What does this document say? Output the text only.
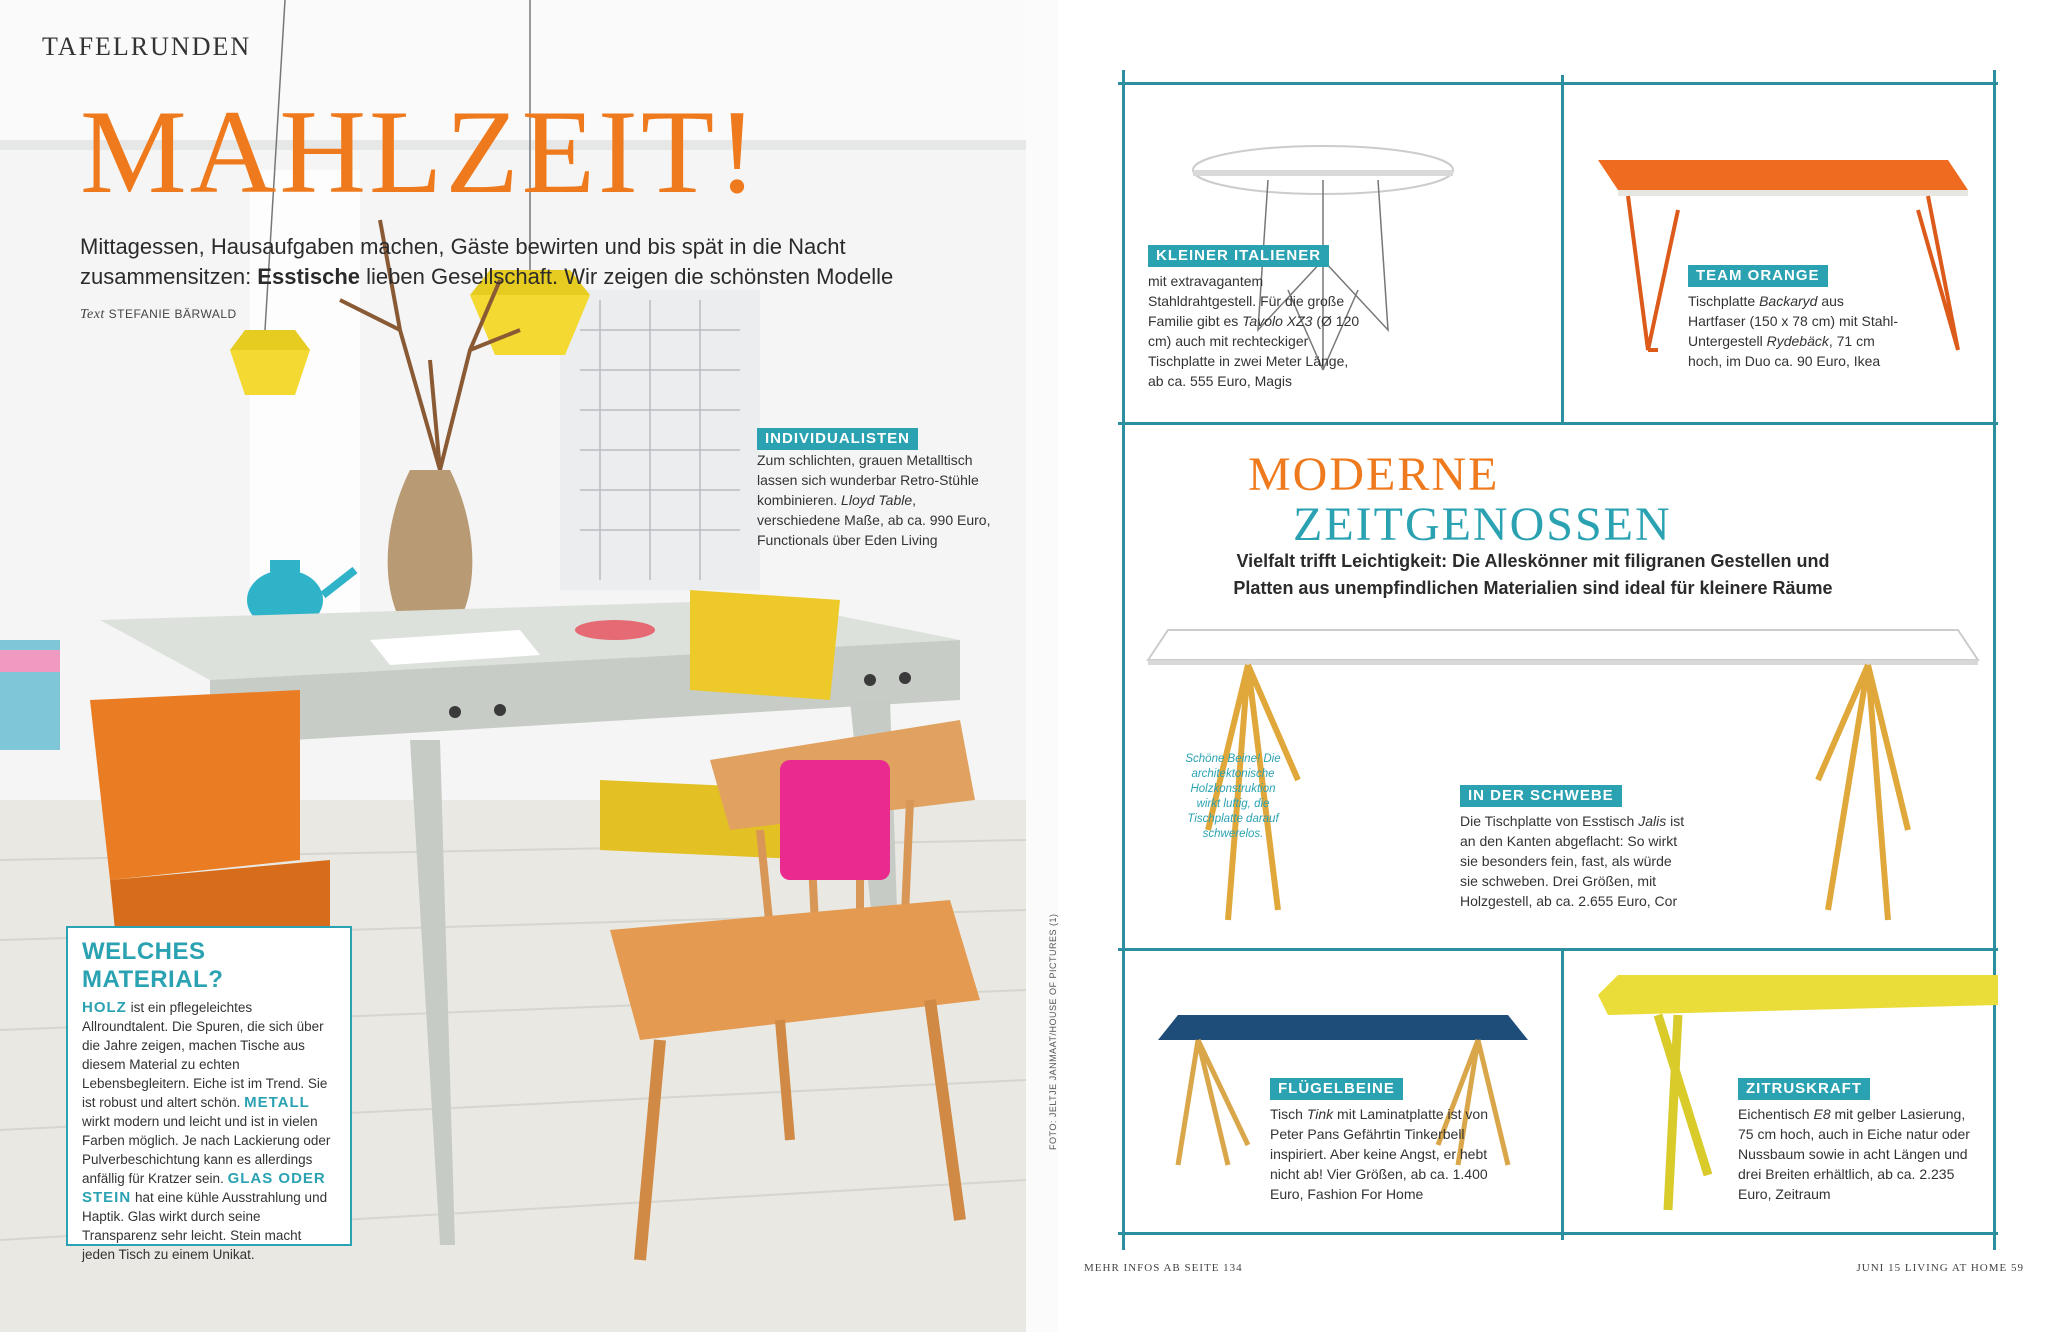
TAFELRUNDEN
MAHLZEIT!
Mittagessen, Hausaufgaben machen, Gäste bewirten und bis spät in die Nacht zusammensitzen: Esstische lieben Gesellschaft. Wir zeigen die schönsten Modelle
Text STEFANIE BÄRWALD
INDIVIDUALISTEN
Zum schlichten, grauen Metalltisch lassen sich wunderbar Retro-Stühle kombinieren. Lloyd Table, verschiedene Maße, ab ca. 990 Euro, Functionals über Eden Living
WELCHES MATERIAL?
HOLZ ist ein pflegeleichtes Allroundtalent. Die Spuren, die sich über die Jahre zeigen, machen Tische aus diesem Material zu echten Lebensbegleitern. Eiche ist im Trend. Sie ist robust und altert schön. METALL wirkt modern und leicht und ist in vielen Farben möglich. Je nach Lackierung oder Pulverbeschichtung kann es allerdings anfällig für Kratzer sein. GLAS ODER STEIN hat eine kühle Ausstrahlung und Haptik. Glas wirkt durch seine Transparenz sehr leicht. Stein macht jeden Tisch zu einem Unikat.
KLEINER ITALIENER
mit extravagantem Stahldrahtgestell. Für die große Familie gibt es Tavolo XZ3 (Ø 120 cm) auch mit rechteckiger Tischplatte in zwei Meter Länge, ab ca. 555 Euro, Magis
TEAM ORANGE
Tischplatte Backaryd aus Hartfaser (150 x 78 cm) mit Stahl-Untergestell Rydebäck, 71 cm hoch, im Duo ca. 90 Euro, Ikea
MODERNE
ZEITGENOSSEN
Vielfalt trifft Leichtigkeit: Die Alleskönner mit filigranen Gestellen und Platten aus unempfindlichen Materialien sind ideal für kleinere Räume
Schöne Beine! Die architektonische Holzkonstruktion wirkt luftig, die Tischplatte darauf schwerelos.
IN DER SCHWEBE
Die Tischplatte von Esstisch Jalis ist an den Kanten abgeflacht: So wirkt sie besonders fein, fast, als würde sie schweben. Drei Größen, mit Holzgestell, ab ca. 2.655 Euro, Cor
FLÜGELBEINE
Tisch Tink mit Laminatplatte ist von Peter Pans Gefährtin Tinkerbell inspiriert. Aber keine Angst, er hebt nicht ab! Vier Größen, ab ca. 1.400 Euro, Fashion For Home
ZITRUSKRAFT
Eichentisch E8 mit gelber Lasierung, 75 cm hoch, auch in Eiche natur oder Nussbaum sowie in acht Längen und drei Breiten erhältlich, ab ca. 2.235 Euro, Zeitraum
FOTO: JELTJE JANMAAT/HOUSE OF PICTURES (1)
MEHR INFOS AB SEITE 134	JUNI 15 LIVING AT HOME 59
